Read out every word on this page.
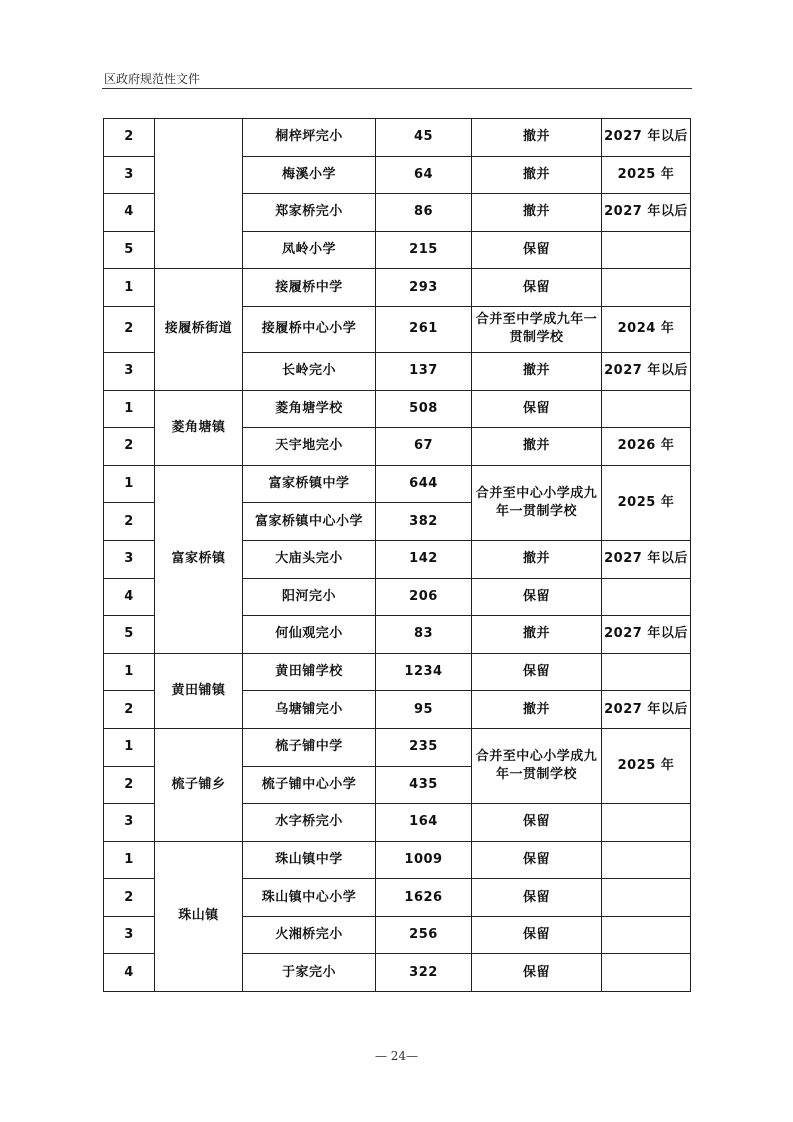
区政府规范性文件
2		桐梓坪完小	45	撤并	2027 年以后
3		梅溪小学	64	撤并	2025 年
4		郑家桥完小	86	撤并	2027 年以后
5		凤岭小学	215	保留	
1	接履桥街道	接履桥中学	293	保留	
2		接履桥中心小学	261	合并至中学成九年一贯制学校	2024 年
3		长岭完小	137	撤并	2027 年以后
1	菱角塘镇	菱角塘学校	508	保留	
2		天宇地完小	67	撤并	2026 年
1	富家桥镇	富家桥镇中学	644	合并至中心小学成九年一贯制学校	2025 年
2		富家桥镇中心小学	382		
3		大庙头完小	142	撤并	2027 年以后
4		阳河完小	206	保留	
5		何仙观完小	83	撤并	2027 年以后
1	黄田铺镇	黄田铺学校	1234	保留	
2		乌塘铺完小	95	撤并	2027 年以后
1	梳子铺乡	梳子铺中学	235	合并至中心小学成九年一贯制学校	2025 年
2		梳子铺中心小学	435		
3		水字桥完小	164	保留	
1	珠山镇	珠山镇中学	1009	保留	
2		珠山镇中心小学	1626	保留	
3		火湘桥完小	256	保留	
4		于家完小	322	保留	
— 24—
